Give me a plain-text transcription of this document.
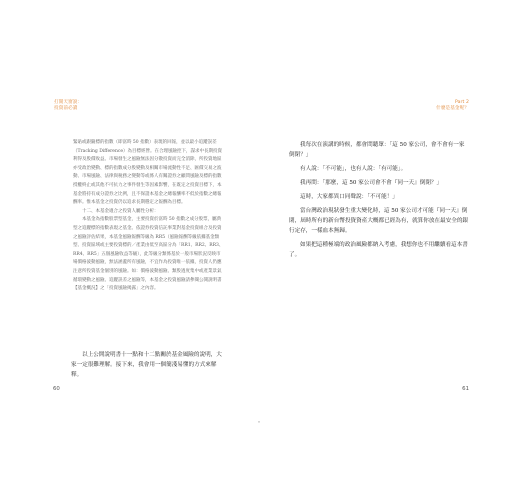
打開天窗說：
投資前必讀
Part 2
什麼是基金呢？

緊貼或跟隨標的指數（即富時 50 指數）表現的回報，並以最小追蹤誤差（Tracking Difference）為目標經營。在合理風險控下，謀求中長期投資利得及股價收益。市場發生之風險無法因分散投資而完全消除，所投資地區亦受政治變動、標的指數成分股變動及相關市場流動性不足、匯價交易之波動、市場風險、法律與稅務之變動等或係人有關證券之顧問風險及標的指數授權終止或其他不可抗力之事件發生等因素影響，在既定之投資目標下，本基金將持有成分證券之比例，且不保證本基金之總報酬率不低於指數之總報酬率。惟本基金之投資仍以追求長期穩定之報酬為目標。

十二、本基金適合之投資人屬性分析：

本基金為指數股票型基金，主要投資於富時 50 指數之成分股票，屬典型之追蹤標的指數表現之基金。依證券投資信託事業對基金投資組合及投資之風險評估結果，本基金風險報酬等級為 RR5（風險報酬等級依據基金類型、投資區域或主要投資標的／產業由低至高區分為「RR1、RR2、RR3、RR4、RR5」五個風險收益等級），此等級分類係基於一般市場狀況反映市場價格波動風險，無法涵蓋所有風險，不宜作為投資唯一依據，投資人仍應注意所投資基金個別的風險。如：價格波動風險、類股過度集中或產業景氣循環變動之風險、追蹤誤差之風險等，本基金之投資風險請參閱公開說明書【基金概況】之「投資風險揭露」之內容。

以上公開說明書十一點和十二點關於基金風險的說明，大家一定很難理解。接下來，我會用一個簡淺易懂的方式來解釋。

60

我每次在演講的時候，都會問聽眾：「這 50 家公司，會不會有一家倒閉？」

有人說：「不可能」，也有人說：「有可能」。

我再問：「那麼，這 50 家公司會不會『同一天』倒閉？」

這時，大家都異口同聲說：「不可能！」

當台灣政治現狀發生重大變化時，這 50 家公司才可能『同一天』倒閉，屆時所有的新台幣投資資產大概都已經為有，就算你放在最安全的銀行定存，一樣血本無歸。

如果把這種極端的政治風險都納入考慮，我想你也不用繼續看這本書了。

61
*
